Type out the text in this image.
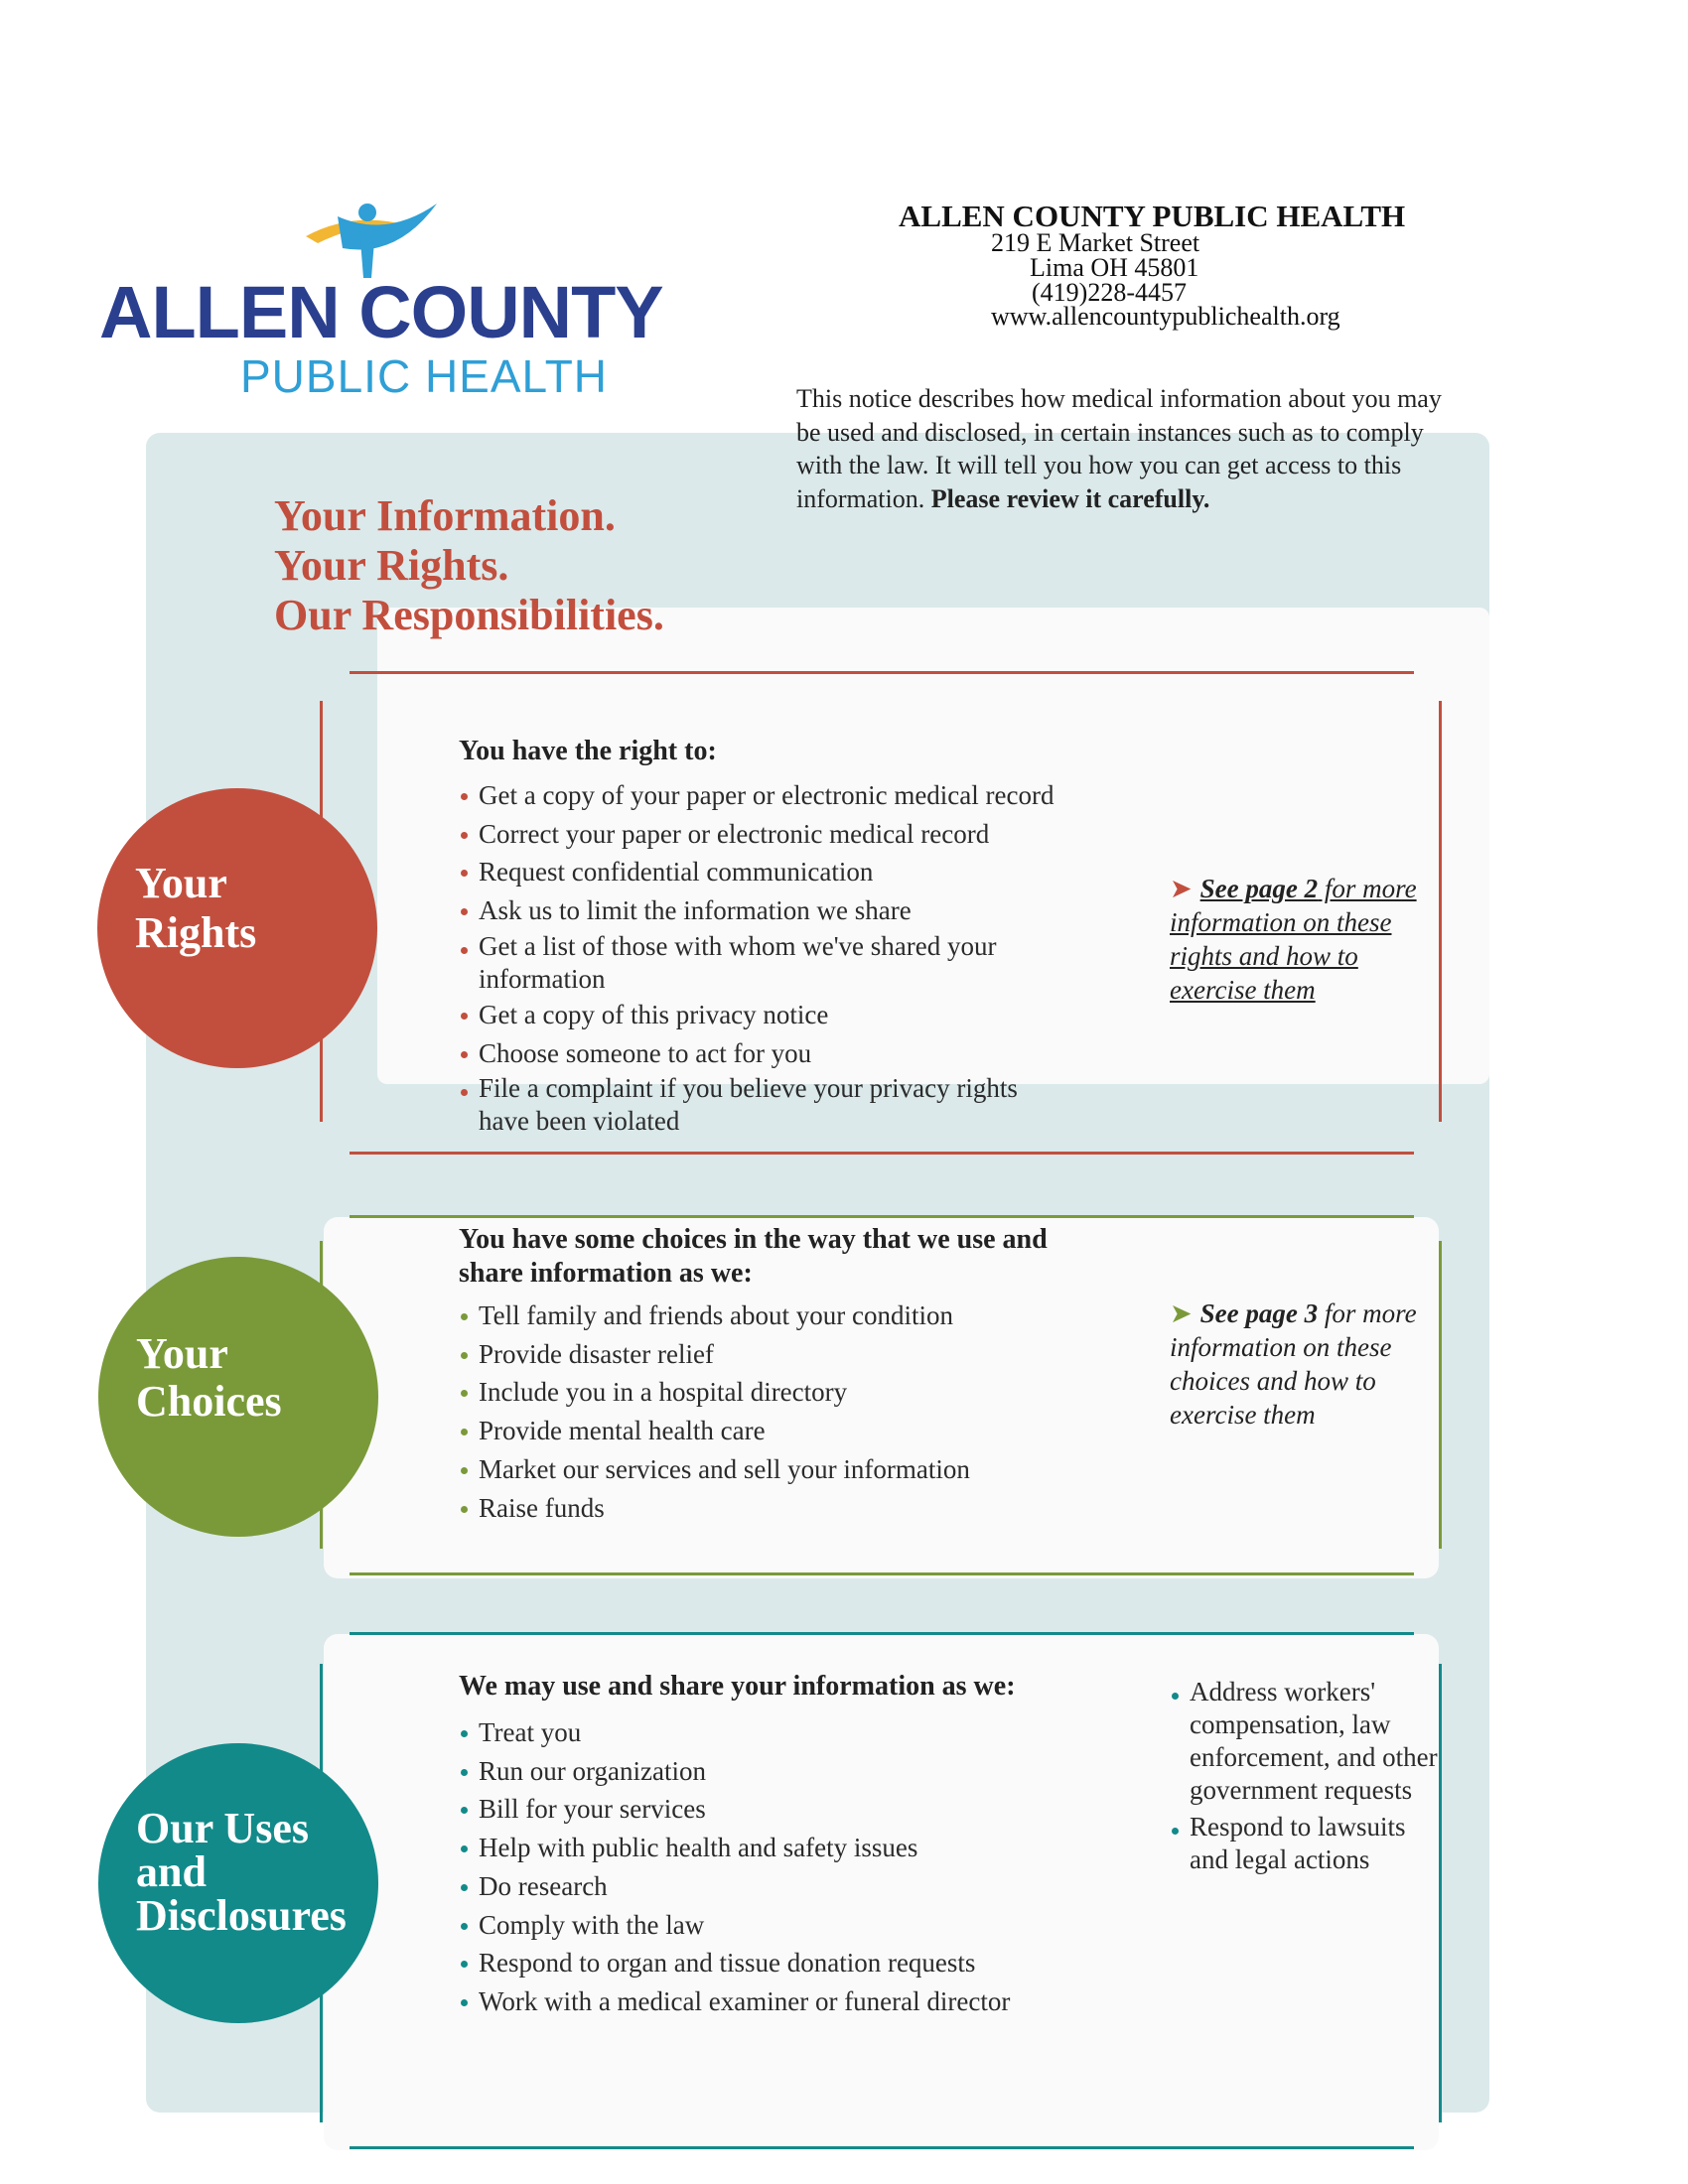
ALLEN COUNTY
PUBLIC HEALTH
ALLEN COUNTY PUBLIC HEALTH
219 E Market Street
Lima OH 45801
(419)228-4457
www.allencountypublichealth.org
This notice describes how medical information about you may be used and disclosed, in certain instances such as to comply with the law. It will tell you how you can get access to this information. Please review it carefully.
Your Information.
Your Rights.
Our Responsibilities.
Your
Rights
You have the right to:
Get a copy of your paper or electronic medical record
Correct your paper or electronic medical record
Request confidential communication
Ask us to limit the information we share
Get a list of those with whom we've shared your information
Get a copy of this privacy notice
Choose someone to act for you
File a complaint if you believe your privacy rights have been violated
➤ See page 2 for more information on these rights and how to exercise them
Your
Choices
You have some choices in the way that we use and share information as we:
Tell family and friends about your condition
Provide disaster relief
Include you in a hospital directory
Provide mental health care
Market our services and sell your information
Raise funds
➤ See page 3 for more information on these choices and how to exercise them
Our Uses
and
Disclosures
We may use and share your information as we:
Treat you
Run our organization
Bill for your services
Help with public health and safety issues
Do research
Comply with the law
Respond to organ and tissue donation requests
Work with a medical examiner or funeral director
Address workers' compensation, law enforcement, and other government requests
Respond to lawsuits and legal actions
